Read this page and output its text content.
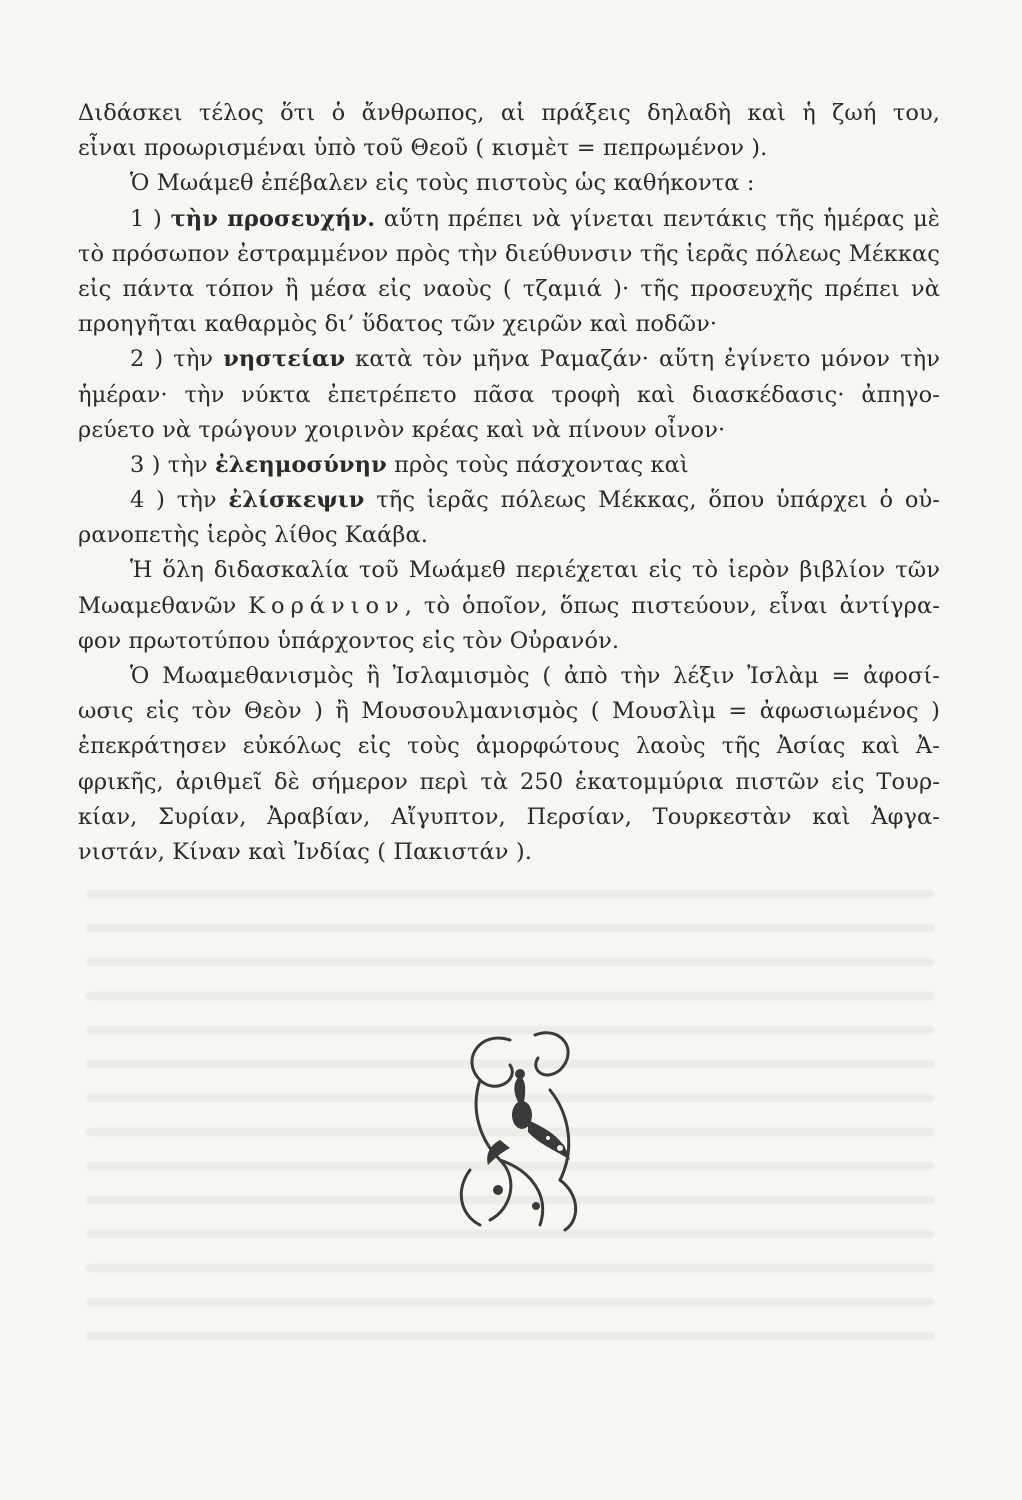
Διδάσκει τέλος ὅτι ὁ ἄνθρωπος, αἱ πράξεις δηλαδὴ καὶ ἡ ζωή του,
εἶναι προωρισμέναι ὑπὸ τοῦ Θεοῦ ( κισμὲτ = πεπρωμένον ).
Ὁ Μωάμεθ ἐπέβαλεν εἰς τοὺς πιστοὺς ὡς καθήκοντα :
1 ) τὴν προσευχήν. αὕτη πρέπει νὰ γίνεται πεντάκις τῆς ἡμέρας μὲ
τὸ πρόσωπον ἐστραμμένον πρὸς τὴν διεύθυνσιν τῆς ἱερᾶς πόλεως Μέκκας
εἰς πάντα τόπον ἢ μέσα εἰς ναοὺς ( τζαμιά )· τῆς προσευχῆς πρέπει νὰ
προηγῆται καθαρμὸς δι’ ὕδατος τῶν χειρῶν καὶ ποδῶν·
2 ) τὴν νηστείαν κατὰ τὸν μῆνα Ραμαζάν· αὕτη ἐγίνετο μόνον τὴν
ἡμέραν· τὴν νύκτα ἐπετρέπετο πᾶσα τροφὴ καὶ διασκέδασις· ἀπηγο-
ρεύετο νὰ τρώγουν χοιρινὸν κρέας καὶ νὰ πίνουν οἶνον·
3 ) τὴν ἐλεημοσύνην πρὸς τοὺς πάσχοντας καὶ
4 ) τὴν ἐλίσκεψιν τῆς ἱερᾶς πόλεως Μέκκας, ὅπου ὑπάρχει ὁ οὐ-
ρανοπετὴς ἱερὸς λίθος Καάβα.
Ἡ ὅλη διδασκαλία τοῦ Μωάμεθ περιέχεται εἰς τὸ ἱερὸν βιβλίον τῶν
Μωαμεθανῶν Κοράνιον, τὸ ὁποῖον, ὅπως πιστεύουν, εἶναι ἀντίγρα-
φον πρωτοτύπου ὑπάρχοντος εἰς τὸν Οὐρανόν.
Ὁ Μωαμεθανισμὸς ἢ Ἰσλαμισμὸς ( ἀπὸ τὴν λέξιν Ἰσλὰμ = ἀφοσί-
ωσις εἰς τὸν Θεὸν ) ἢ Μουσουλμανισμὸς ( Μουσλὶμ = ἀφωσιωμένος )
ἐπεκράτησεν εὐκόλως εἰς τοὺς ἀμορφώτους λαοὺς τῆς Ἀσίας καὶ Ἀ-
φρικῆς, ἀριθμεῖ δὲ σήμερον περὶ τὰ 250 ἑκατομμύρια πιστῶν εἰς Τουρ-
κίαν, Συρίαν, Ἀραβίαν, Αἴγυπτον, Περσίαν, Τουρκεστὰν καὶ Ἀφγα-
νιστάν, Κίναν καὶ Ἰνδίας ( Πακιστάν ).
